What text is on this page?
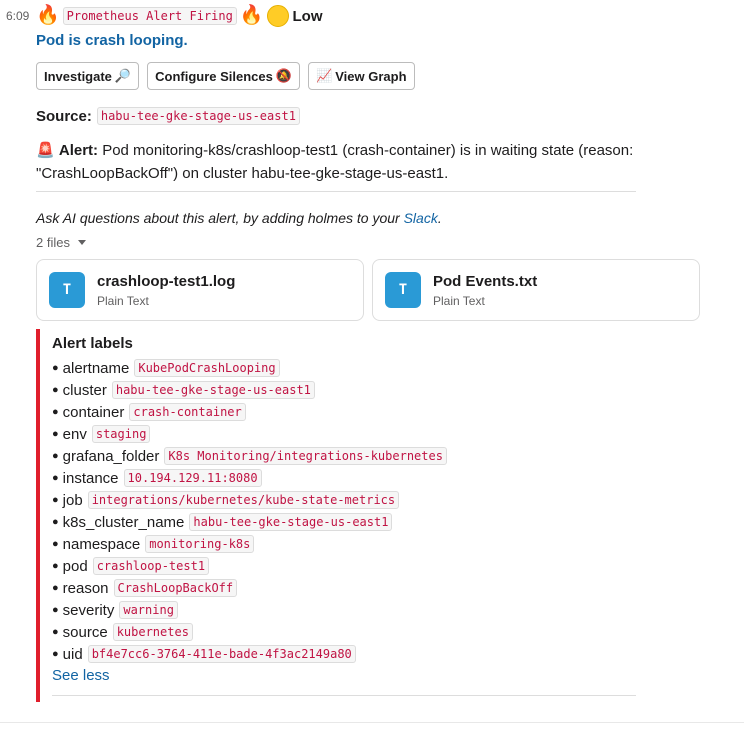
6:09 🔥 Prometheus Alert Firing 🔥 Low
Pod is crash looping.
Investigate 🔎 Configure Silences 🔕 📈 View Graph
Source: habu-tee-gke-stage-us-east1
🚨 Alert: Pod monitoring-k8s/crashloop-test1 (crash-container) is in waiting state (reason: "CrashLoopBackOff") on cluster habu-tee-gke-stage-us-east1.
Ask AI questions about this alert, by adding holmes to your Slack.
2 files
T
crashloop-test1.log
Plain Text
T
Pod Events.txt
Plain Text
Alert labels
● alertname KubePodCrashLooping
● cluster habu-tee-gke-stage-us-east1
● container crash-container
● env staging
● grafana_folder K8s Monitoring/integrations-kubernetes
● instance 10.194.129.11:8080
● job integrations/kubernetes/kube-state-metrics
● k8s_cluster_name habu-tee-gke-stage-us-east1
● namespace monitoring-k8s
● pod crashloop-test1
● reason CrashLoopBackOff
● severity warning
● source kubernetes
● uid bf4e7cc6-3764-411e-bade-4f3ac2149a80
See less
